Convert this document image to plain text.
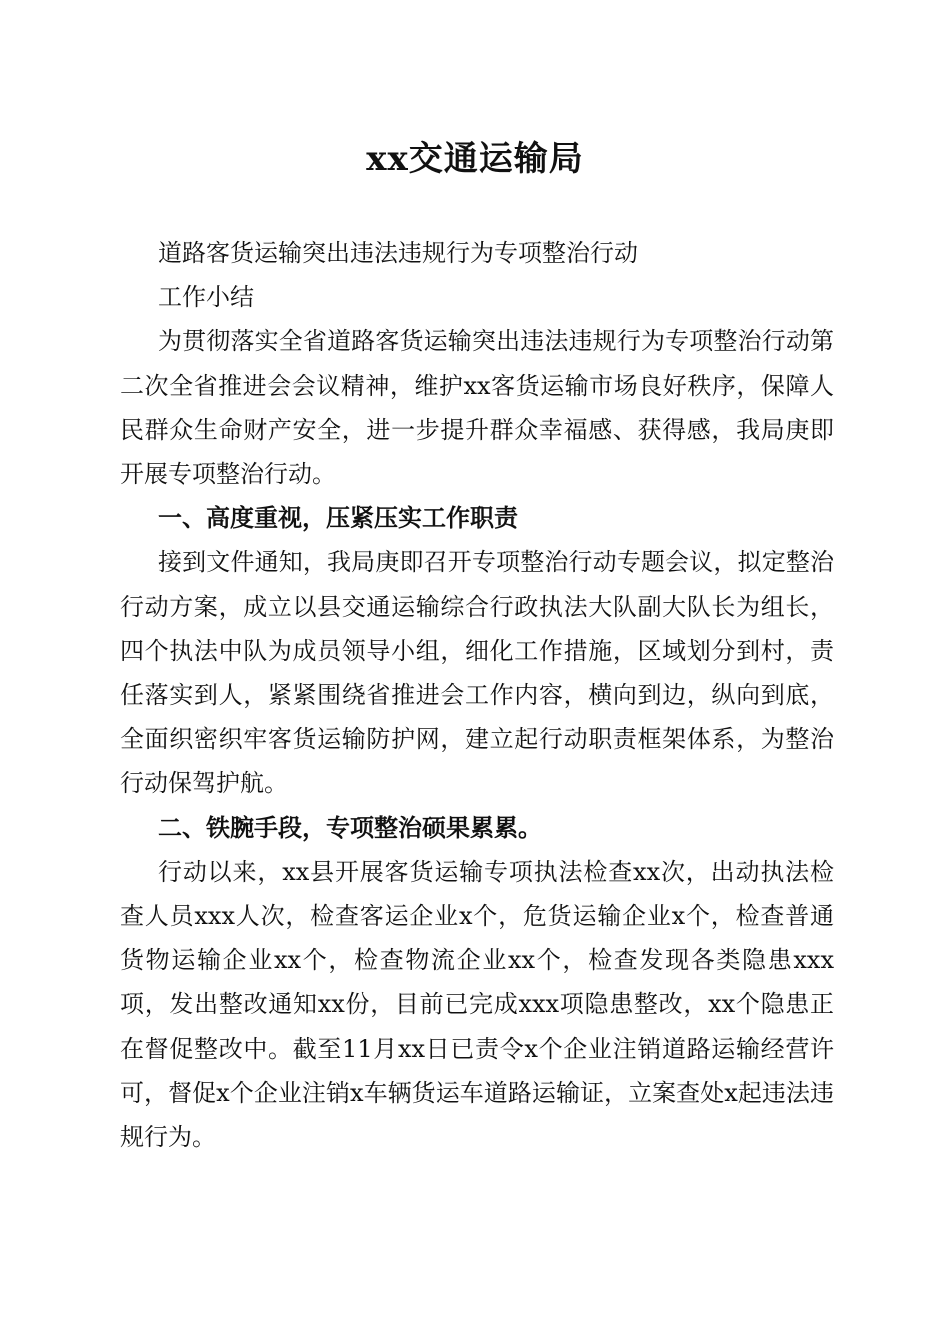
xx交通运输局

道路客货运输突出违法违规行为专项整治行动

工作小结

为贯彻落实全省道路客货运输突出违法违规行为专项整治行动第二次全省推进会会议精神，维护xx客货运输市场良好秩序，保障人民群众生命财产安全，进一步提升群众幸福感、获得感，我局庚即开展专项整治行动。

一、高度重视，压紧压实工作职责

接到文件通知，我局庚即召开专项整治行动专题会议，拟定整治行动方案，成立以县交通运输综合行政执法大队副大队长为组长，四个执法中队为成员领导小组，细化工作措施，区域划分到村，责任落实到人，紧紧围绕省推进会工作内容，横向到边，纵向到底，全面织密织牢客货运输防护网，建立起行动职责框架体系，为整治行动保驾护航。

二、铁腕手段，专项整治硕果累累。

行动以来，xx县开展客货运输专项执法检查xx次，出动执法检查人员xxx人次，检查客运企业x个，危货运输企业x个，检查普通货物运输企业xx个，检查物流企业xx个，检查发现各类隐患xxx项，发出整改通知xx份，目前已完成xxx项隐患整改，xx个隐患正在督促整改中。截至11月xx日已责令x个企业注销道路运输经营许可，督促x个企业注销x车辆货运车道路运输证，立案查处x起违法违规行为。
